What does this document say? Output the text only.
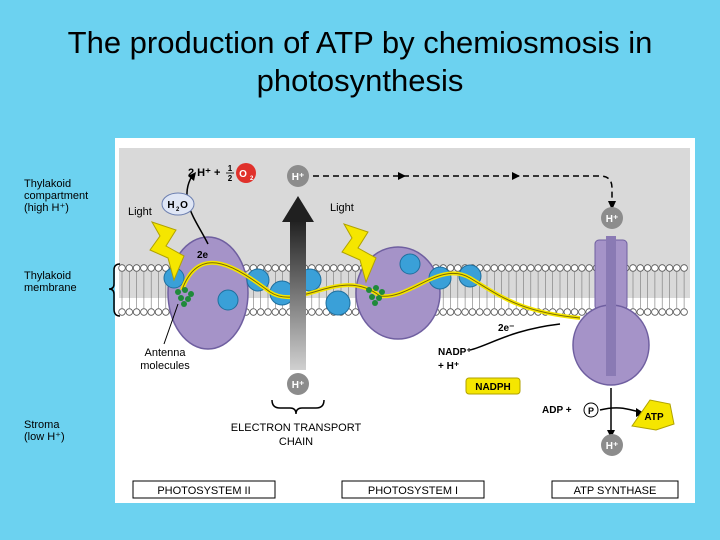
The production of ATP by chemiosmosis in photosynthesis
Thylakoid
compartment
(high H⁺)
Thylakoid
membrane
Stroma
(low H⁺)
H⁺
H⁺
H⁺
H⁺
2 H⁺ + 1
2 O 2
H 2 O
Light	Light
2e
2e⁻
Antenna
molecules
NADP⁺
+ H⁺
NADPH
ADP + P
ATP
ELECTRON TRANSPORT
CHAIN
PHOTOSYSTEM II	PHOTOSYSTEM I	ATP SYNTHASE
